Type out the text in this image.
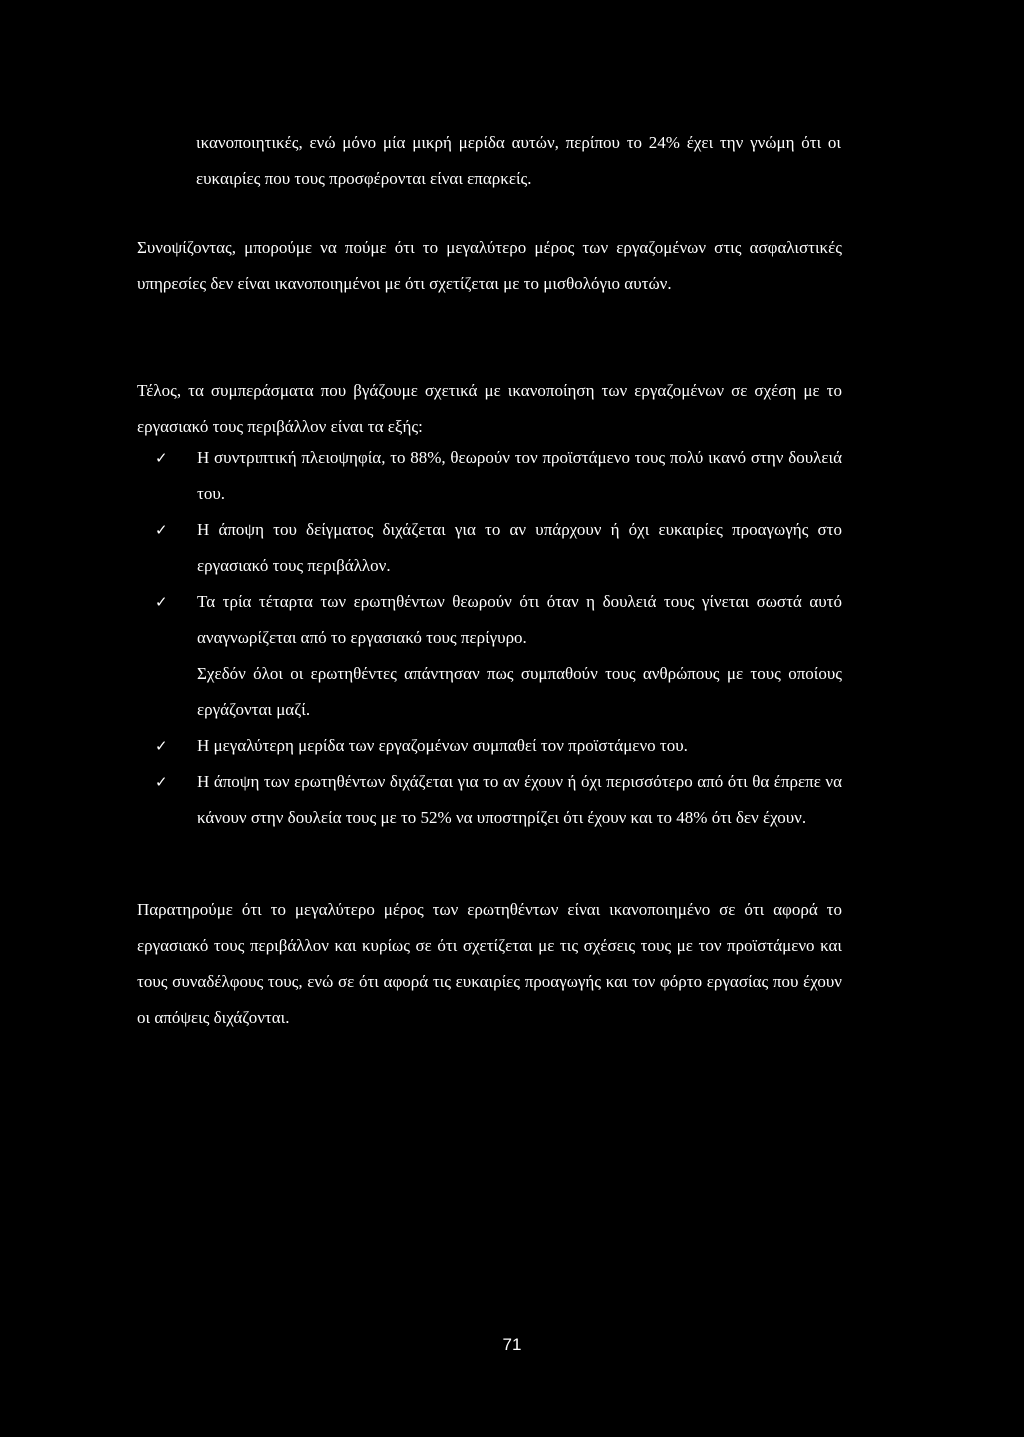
ικανοποιητικές, ενώ μόνο μία μικρή μερίδα αυτών, περίπου το 24% έχει την γνώμη ότι οι ευκαιρίες που τους προσφέρονται είναι επαρκείς.

Συνοψίζοντας, μπορούμε να πούμε ότι το μεγαλύτερο μέρος των εργαζομένων στις ασφαλιστικές υπηρεσίες δεν είναι ικανοποιημένοι με ότι σχετίζεται με το μισθολόγιο αυτών.

Τέλος, τα συμπεράσματα που βγάζουμε σχετικά με ικανοποίηση των εργαζομένων σε σχέση με το εργασιακό τους περιβάλλον είναι τα εξής:

✓	Η συντριπτική πλειοψηφία, το 88%, θεωρούν τον προϊστάμενο τους πολύ ικανό στην δουλειά του.
✓	Η άποψη του δείγματος διχάζεται για το αν υπάρχουν ή όχι ευκαιρίες προαγωγής στο εργασιακό τους περιβάλλον.
✓	Τα τρία τέταρτα των ερωτηθέντων θεωρούν ότι όταν η δουλειά τους γίνεται σωστά αυτό αναγνωρίζεται από το εργασιακό τους περίγυρο.
Σχεδόν όλοι οι ερωτηθέντες απάντησαν πως συμπαθούν τους ανθρώπους με τους οποίους εργάζονται μαζί.
✓	Η μεγαλύτερη μερίδα των εργαζομένων συμπαθεί τον προϊστάμενο του.
✓	Η άποψη των ερωτηθέντων διχάζεται για το αν έχουν ή όχι περισσότερο από ότι θα έπρεπε να κάνουν στην δουλεία τους με το 52% να υποστηρίζει ότι έχουν και το 48% ότι δεν έχουν.

Παρατηρούμε ότι το μεγαλύτερο μέρος των ερωτηθέντων είναι ικανοποιημένο σε ότι αφορά το εργασιακό τους περιβάλλον και κυρίως σε ότι σχετίζεται με τις σχέσεις τους με τον προϊστάμενο και τους συναδέλφους τους, ενώ σε ότι αφορά τις ευκαιρίες προαγωγής και τον φόρτο εργασίας που έχουν οι απόψεις διχάζονται.

71
